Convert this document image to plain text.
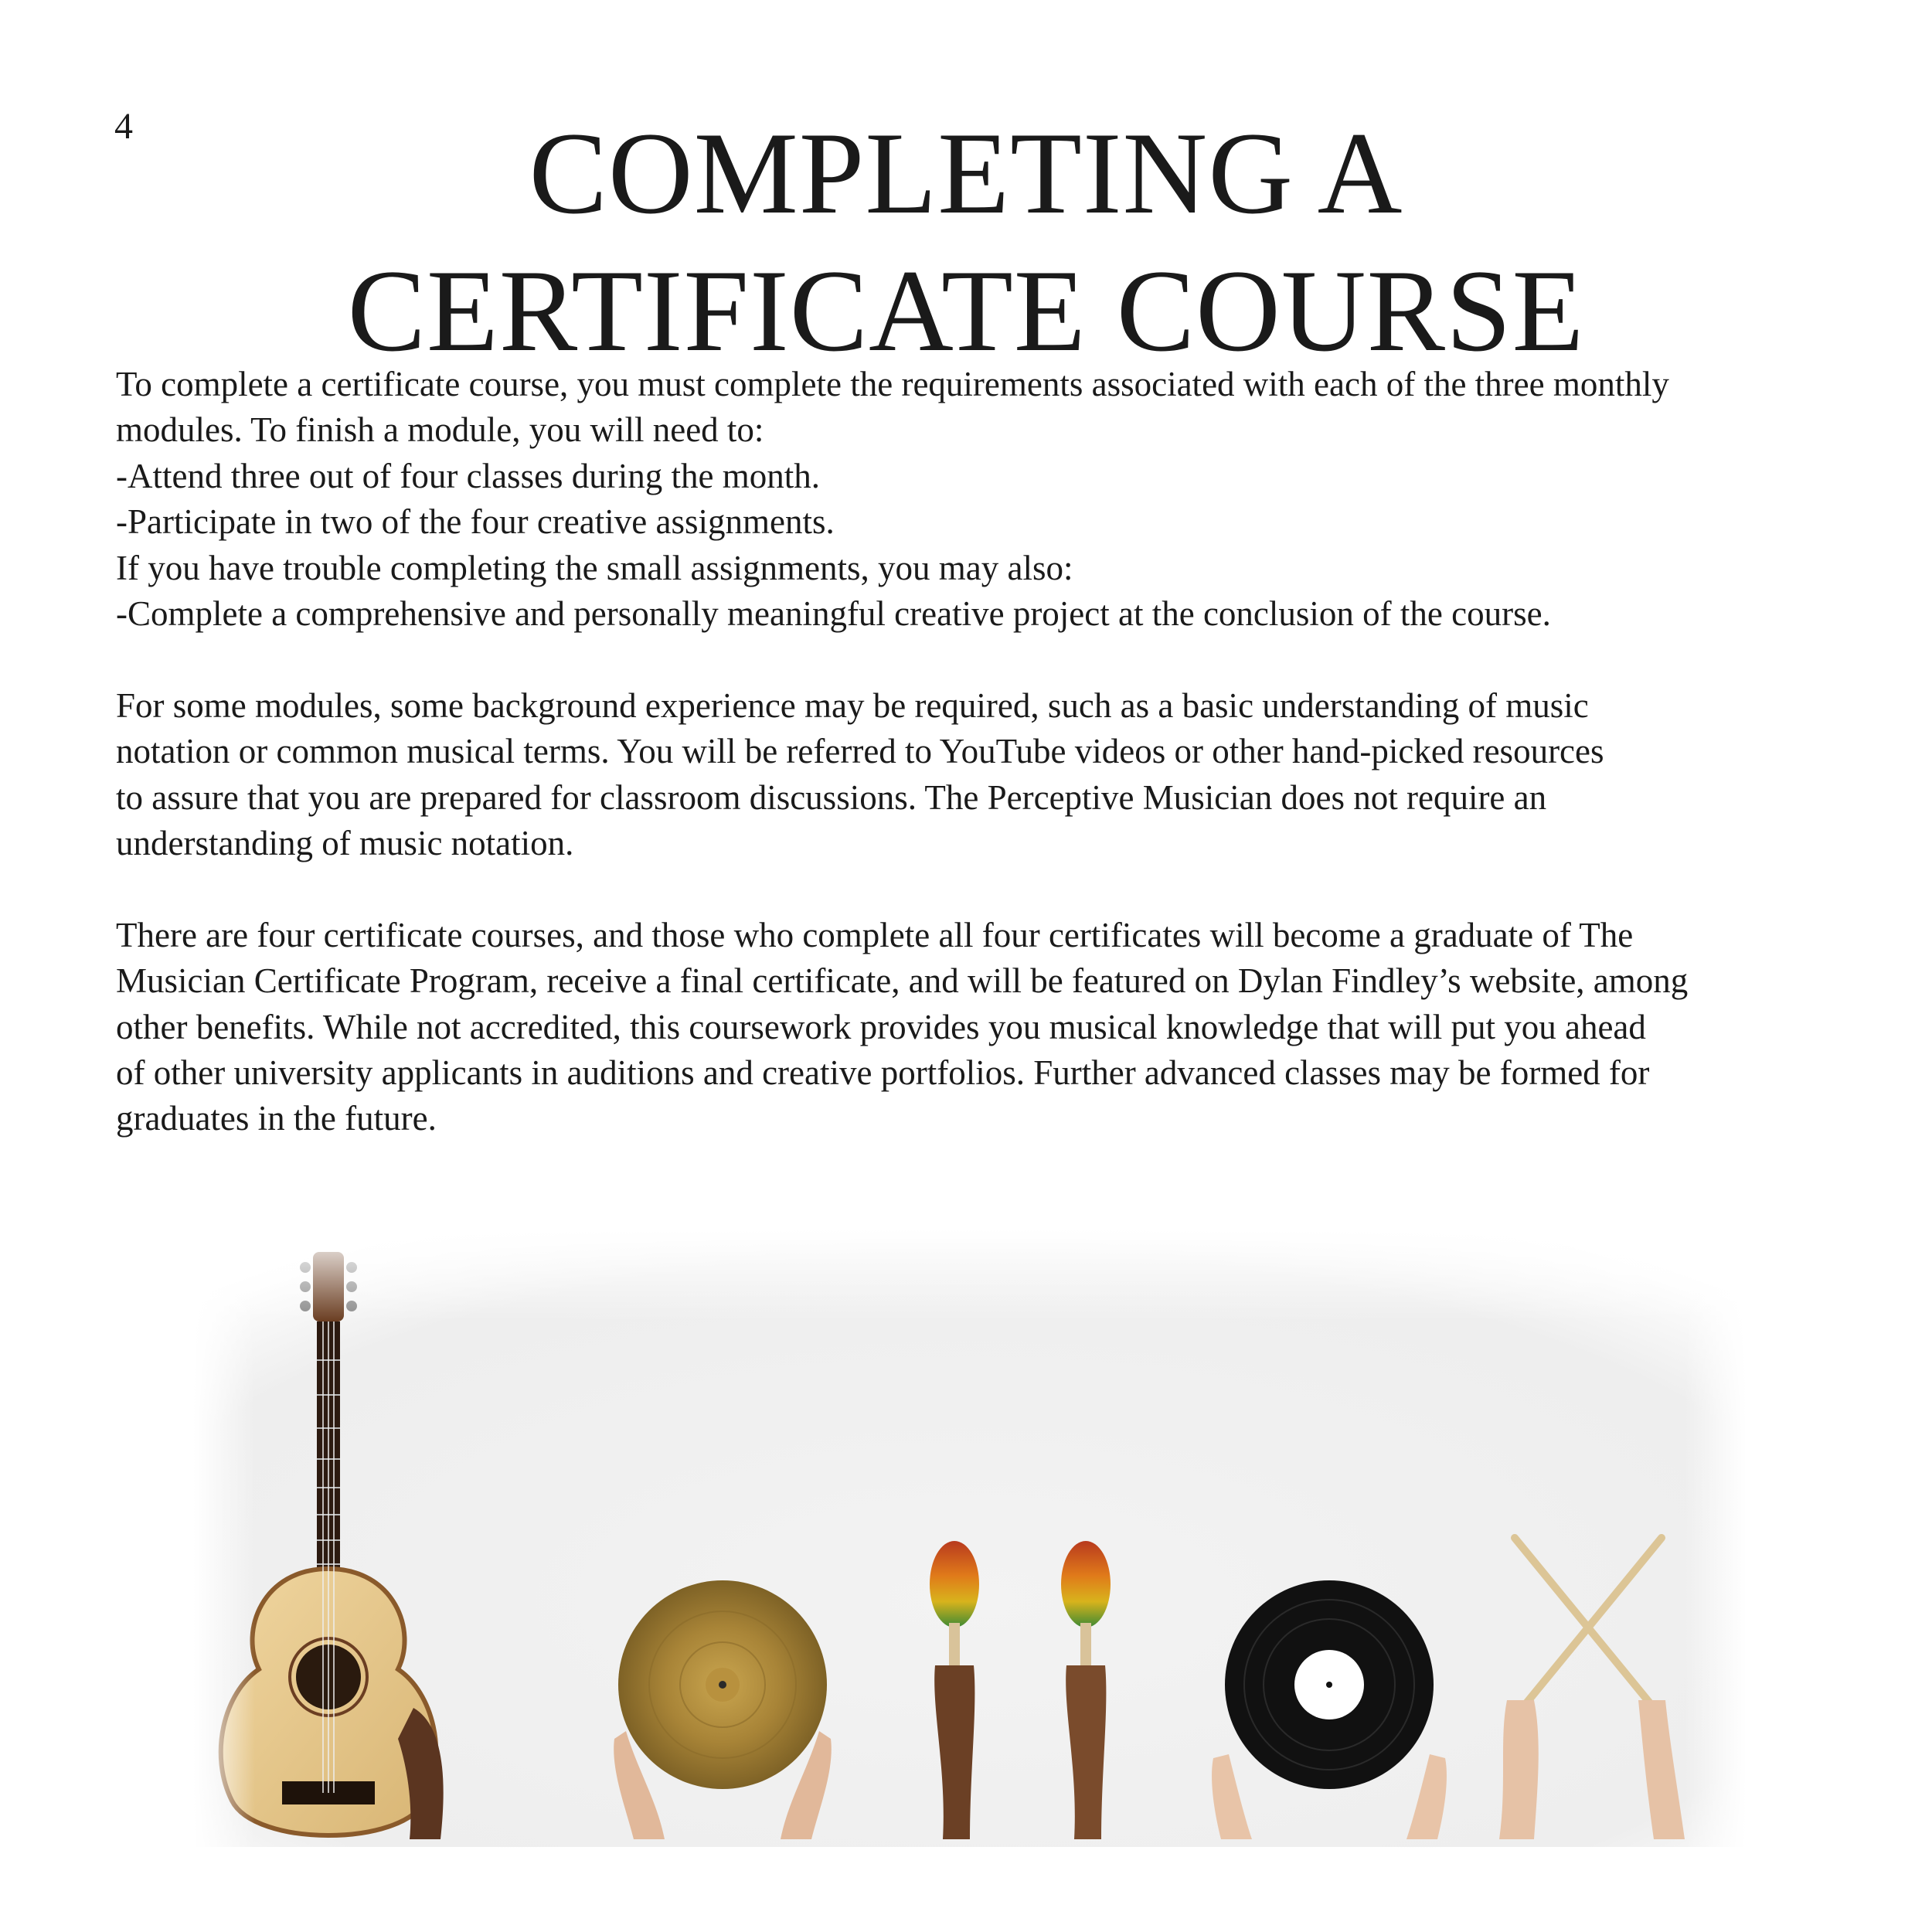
4	COMPLETING A
CERTIFICATE COURSE

To complete a certificate course, you must complete the requirements associated with each of the three monthly

modules. To finish a module, you will need to:

-Attend three out of four classes during the month.

-Participate in two of the four creative assignments.

If you have trouble completing the small assignments, you may also:

-Complete a comprehensive and personally meaningful creative project at the conclusion of the course.

For some modules, some background experience may be required, such as a basic understanding of music

notation or common musical terms. You will be referred to YouTube videos or other hand-picked resources

to assure that you are prepared for classroom discussions. The Perceptive Musician does not require an

understanding of music notation.

There are four certificate courses, and those who complete all four certificates will become a graduate of The

Musician Certificate Program, receive a final certificate, and will be featured on Dylan Findley’s website, among

other benefits. While not accredited, this coursework provides you musical knowledge that will put you ahead

of other university applicants in auditions and creative portfolios. Further advanced classes may be formed for

graduates in the future.
